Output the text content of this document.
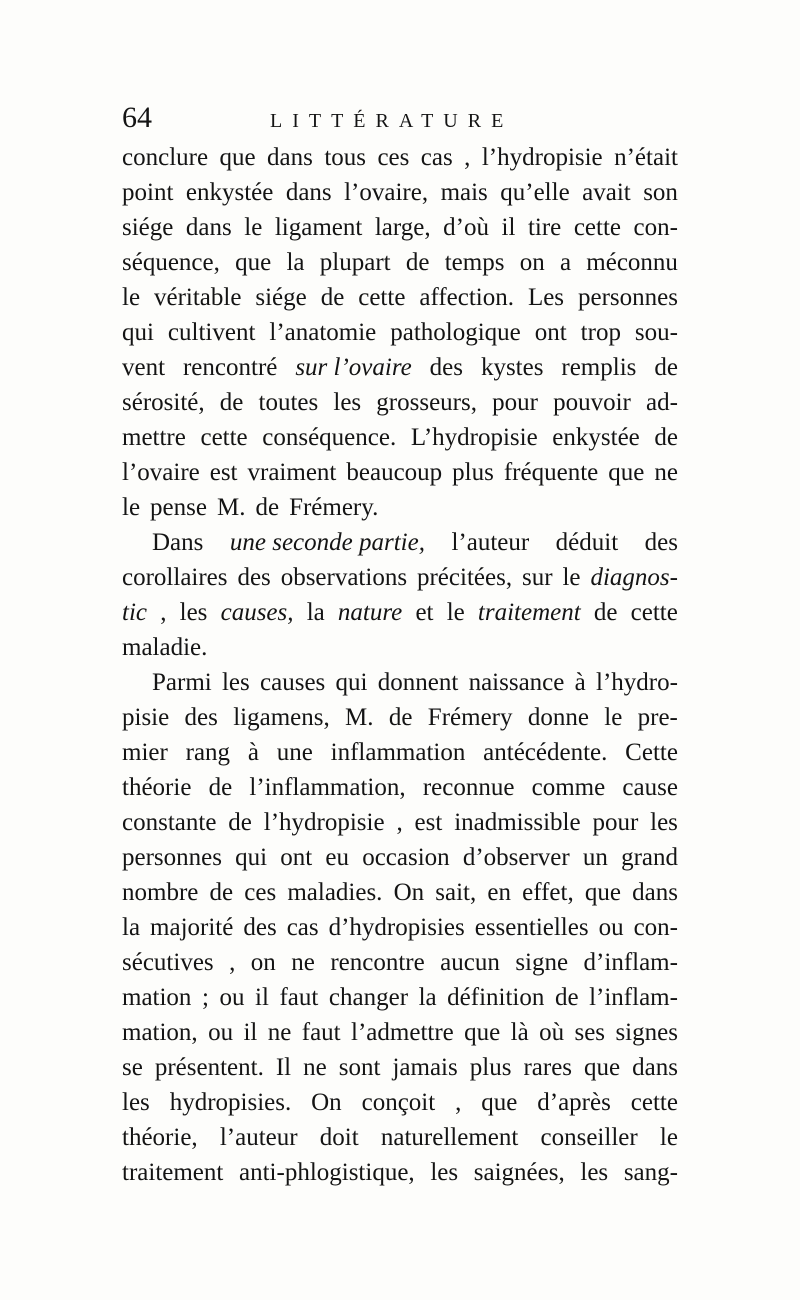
64	LITTÉRATURE
conclure que dans tous ces cas , l’hydropisie n’était
point enkystée dans l’ovaire, mais qu’elle avait son
siége dans le ligament large, d’où il tire cette con-
séquence, que la plupart de temps on a méconnu
le véritable siége de cette affection. Les personnes
qui cultivent l’anatomie pathologique ont trop sou-
vent rencontré sur l’ovaire des kystes remplis de
sérosité, de toutes les grosseurs, pour pouvoir ad-
mettre cette conséquence. L’hydropisie enkystée de
l’ovaire est vraiment beaucoup plus fréquente que ne
le pense M. de Frémery.
Dans une seconde partie, l’auteur déduit des
corollaires des observations précitées, sur le diagnos-
tic , les causes, la nature et le traitement de cette
maladie.
Parmi les causes qui donnent naissance à l’hydro-
pisie des ligamens, M. de Frémery donne le pre-
mier rang à une inflammation antécédente. Cette
théorie de l’inflammation, reconnue comme cause
constante de l’hydropisie , est inadmissible pour les
personnes qui ont eu occasion d’observer un grand
nombre de ces maladies. On sait, en effet, que dans
la majorité des cas d’hydropisies essentielles ou con-
sécutives , on ne rencontre aucun signe d’inflam-
mation ; ou il faut changer la définition de l’inflam-
mation, ou il ne faut l’admettre que là où ses signes
se présentent. Il ne sont jamais plus rares que dans
les hydropisies. On conçoit , que d’après cette
théorie, l’auteur doit naturellement conseiller le
traitement anti-phlogistique, les saignées, les sang-
